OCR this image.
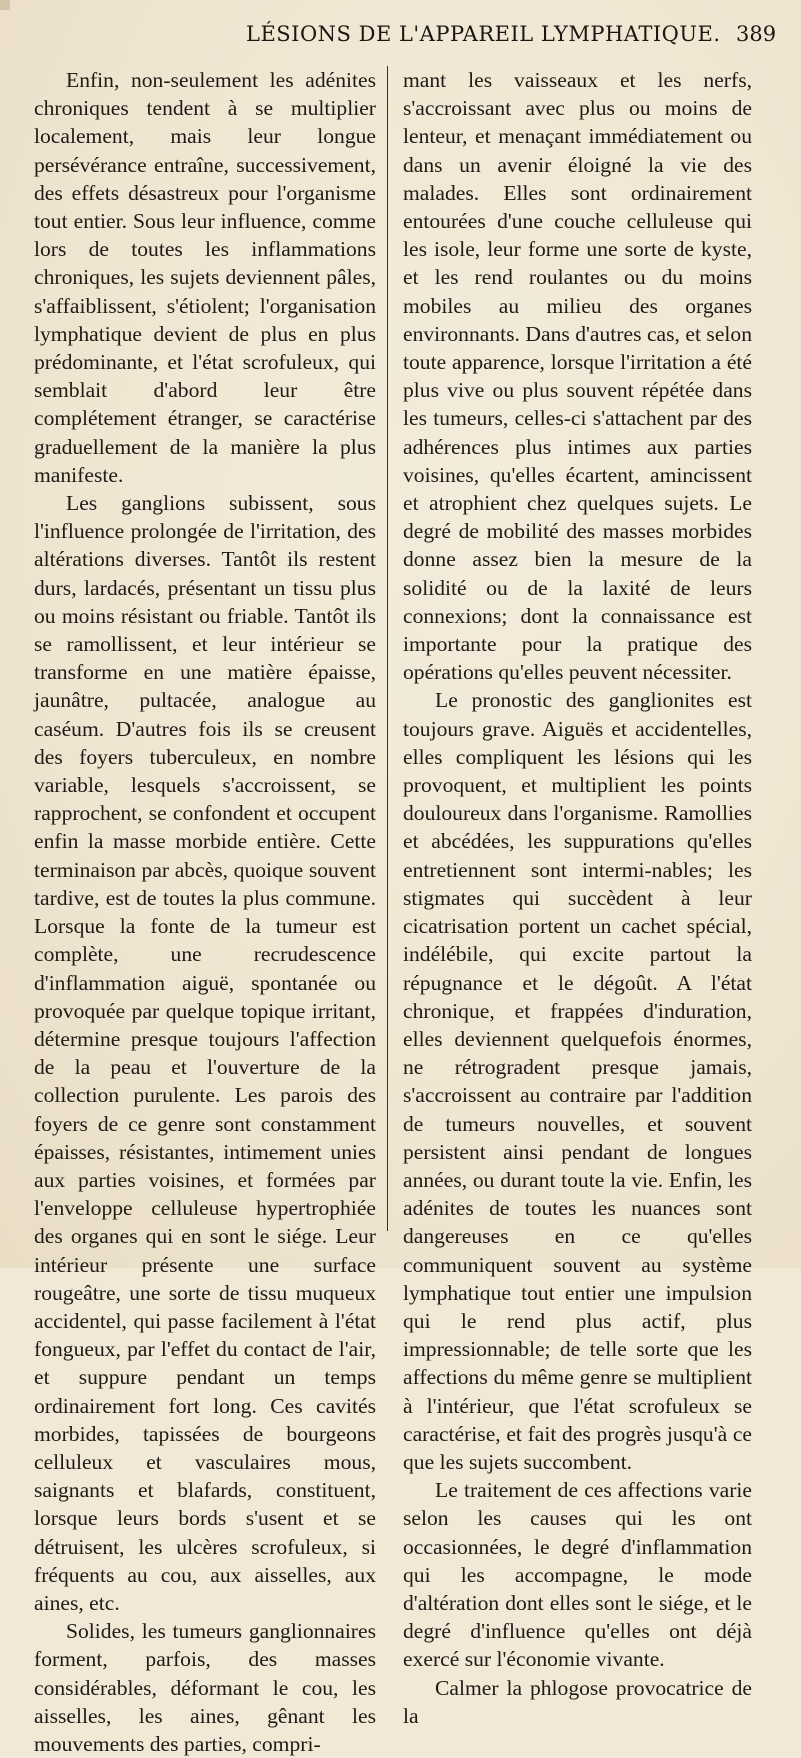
LÉSIONS DE L'APPAREIL LYMPHATIQUE. 389

Enfin, non-seulement les adénites chroniques tendent à se multiplier localement, mais leur longue persévérance entraîne, successivement, des effets désastreux pour l'organisme tout entier. Sous leur influence, comme lors de toutes les inflammations chroniques, les sujets deviennent pâles, s'affaiblissent, s'étiolent; l'organisation lymphatique devient de plus en plus prédominante, et l'état scrofuleux, qui semblait d'abord leur être complétement étranger, se caractérise graduellement de la manière la plus manifeste.

Les ganglions subissent, sous l'influence prolongée de l'irritation, des altérations diverses. Tantôt ils restent durs, lardacés, présentant un tissu plus ou moins résistant ou friable. Tantôt ils se ramollissent, et leur intérieur se transforme en une matière épaisse, jaunâtre, pultacée, analogue au caséum. D'autres fois ils se creusent des foyers tuberculeux, en nombre variable, lesquels s'accroissent, se rapprochent, se confondent et occupent enfin la masse morbide entière. Cette terminaison par abcès, quoique souvent tardive, est de toutes la plus commune. Lorsque la fonte de la tumeur est complète, une recrudescence d'inflammation aiguë, spontanée ou provoquée par quelque topique irritant, détermine presque toujours l'affection de la peau et l'ouverture de la collection purulente. Les parois des foyers de ce genre sont constamment épaisses, résistantes, intimement unies aux parties voisines, et formées par l'enveloppe celluleuse hypertrophiée des organes qui en sont le siége. Leur intérieur présente une surface rougeâtre, une sorte de tissu muqueux accidentel, qui passe facilement à l'état fongueux, par l'effet du contact de l'air, et suppure pendant un temps ordinairement fort long. Ces cavités morbides, tapissées de bourgeons celluleux et vasculaires mous, saignants et blafards, constituent, lorsque leurs bords s'usent et se détruisent, les ulcères scrofuleux, si fréquents au cou, aux aisselles, aux aines, etc.

Solides, les tumeurs ganglionnaires forment, parfois, des masses considérables, déformant le cou, les aisselles, les aines, gênant les mouvements des parties, compri-

mant les vaisseaux et les nerfs, s'accroissant avec plus ou moins de lenteur, et menaçant immédiatement ou dans un avenir éloigné la vie des malades. Elles sont ordinairement entourées d'une couche celluleuse qui les isole, leur forme une sorte de kyste, et les rend roulantes ou du moins mobiles au milieu des organes environnants. Dans d'autres cas, et selon toute apparence, lorsque l'irritation a été plus vive ou plus souvent répétée dans les tumeurs, celles-ci s'attachent par des adhérences plus intimes aux parties voisines, qu'elles écartent, amincissent et atrophient chez quelques sujets. Le degré de mobilité des masses morbides donne assez bien la mesure de la solidité ou de la laxité de leurs connexions; dont la connaissance est importante pour la pratique des opérations qu'elles peuvent nécessiter.

Le pronostic des ganglionites est toujours grave. Aiguës et accidentelles, elles compliquent les lésions qui les provoquent, et multiplient les points douloureux dans l'organisme. Ramollies et abcédées, les suppurations qu'elles entretiennent sont intermi-nables; les stigmates qui succèdent à leur cicatrisation portent un cachet spécial, indélébile, qui excite partout la répugnance et le dégoût. A l'état chronique, et frappées d'induration, elles deviennent quelquefois énormes, ne rétrogradent presque jamais, s'accroissent au contraire par l'addition de tumeurs nouvelles, et souvent persistent ainsi pendant de longues années, ou durant toute la vie. Enfin, les adénites de toutes les nuances sont dangereuses en ce qu'elles communiquent souvent au système lymphatique tout entier une impulsion qui le rend plus actif, plus impressionnable; de telle sorte que les affections du même genre se multiplient à l'intérieur, que l'état scrofuleux se caractérise, et fait des progrès jusqu'à ce que les sujets succombent.

Le traitement de ces affections varie selon les causes qui les ont occasionnées, le degré d'inflammation qui les accompagne, le mode d'altération dont elles sont le siége, et le degré d'influence qu'elles ont déjà exercé sur l'économie vivante.

Calmer la phlogose provocatrice de la
